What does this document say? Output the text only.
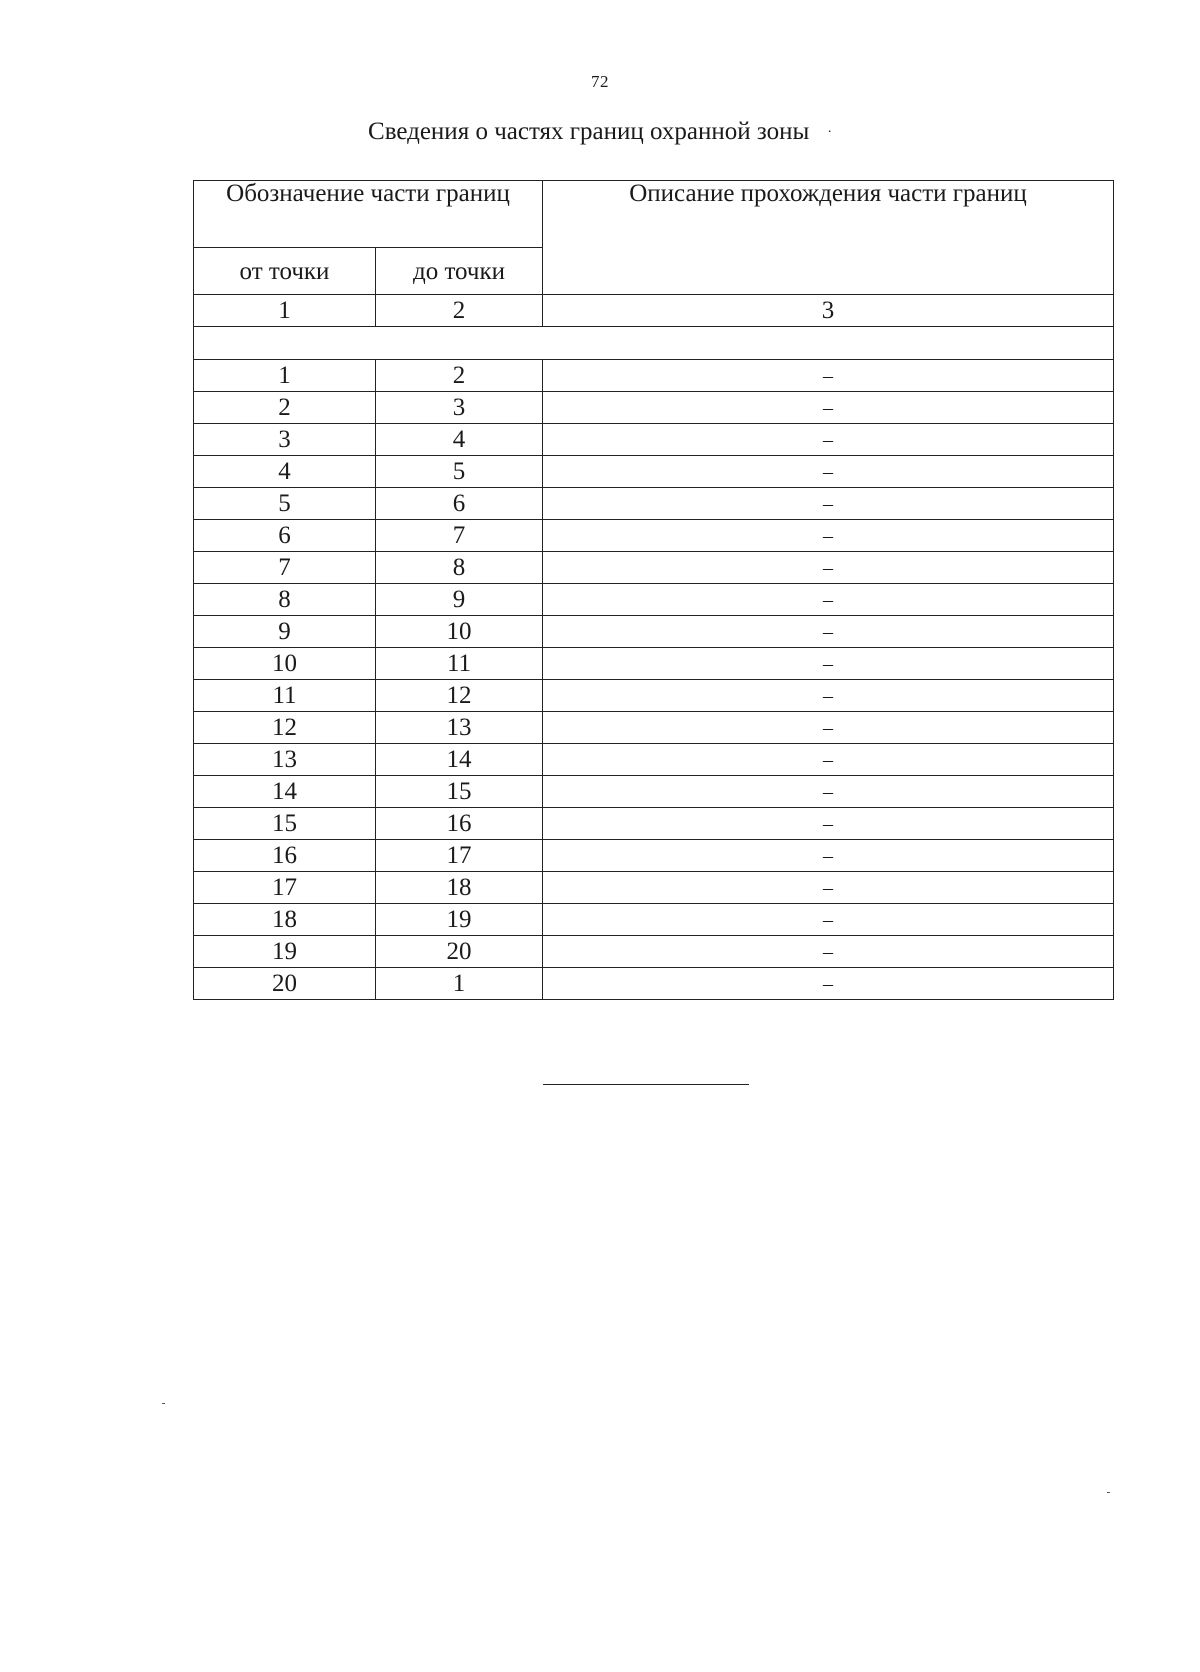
72
Сведения о частях границ охранной зоны ·
Обозначение части границ		Описание прохождения части границ
от точки	до точки	
1	2	3

1	2	–
2	3	–
3	4	–
4	5	–
5	6	–
6	7	–
7	8	–
8	9	–
9	10	–
10	11	–
11	12	–
12	13	–
13	14	–
14	15	–
15	16	–
16	17	–
17	18	–
18	19	–
19	20	–
20	1	–
